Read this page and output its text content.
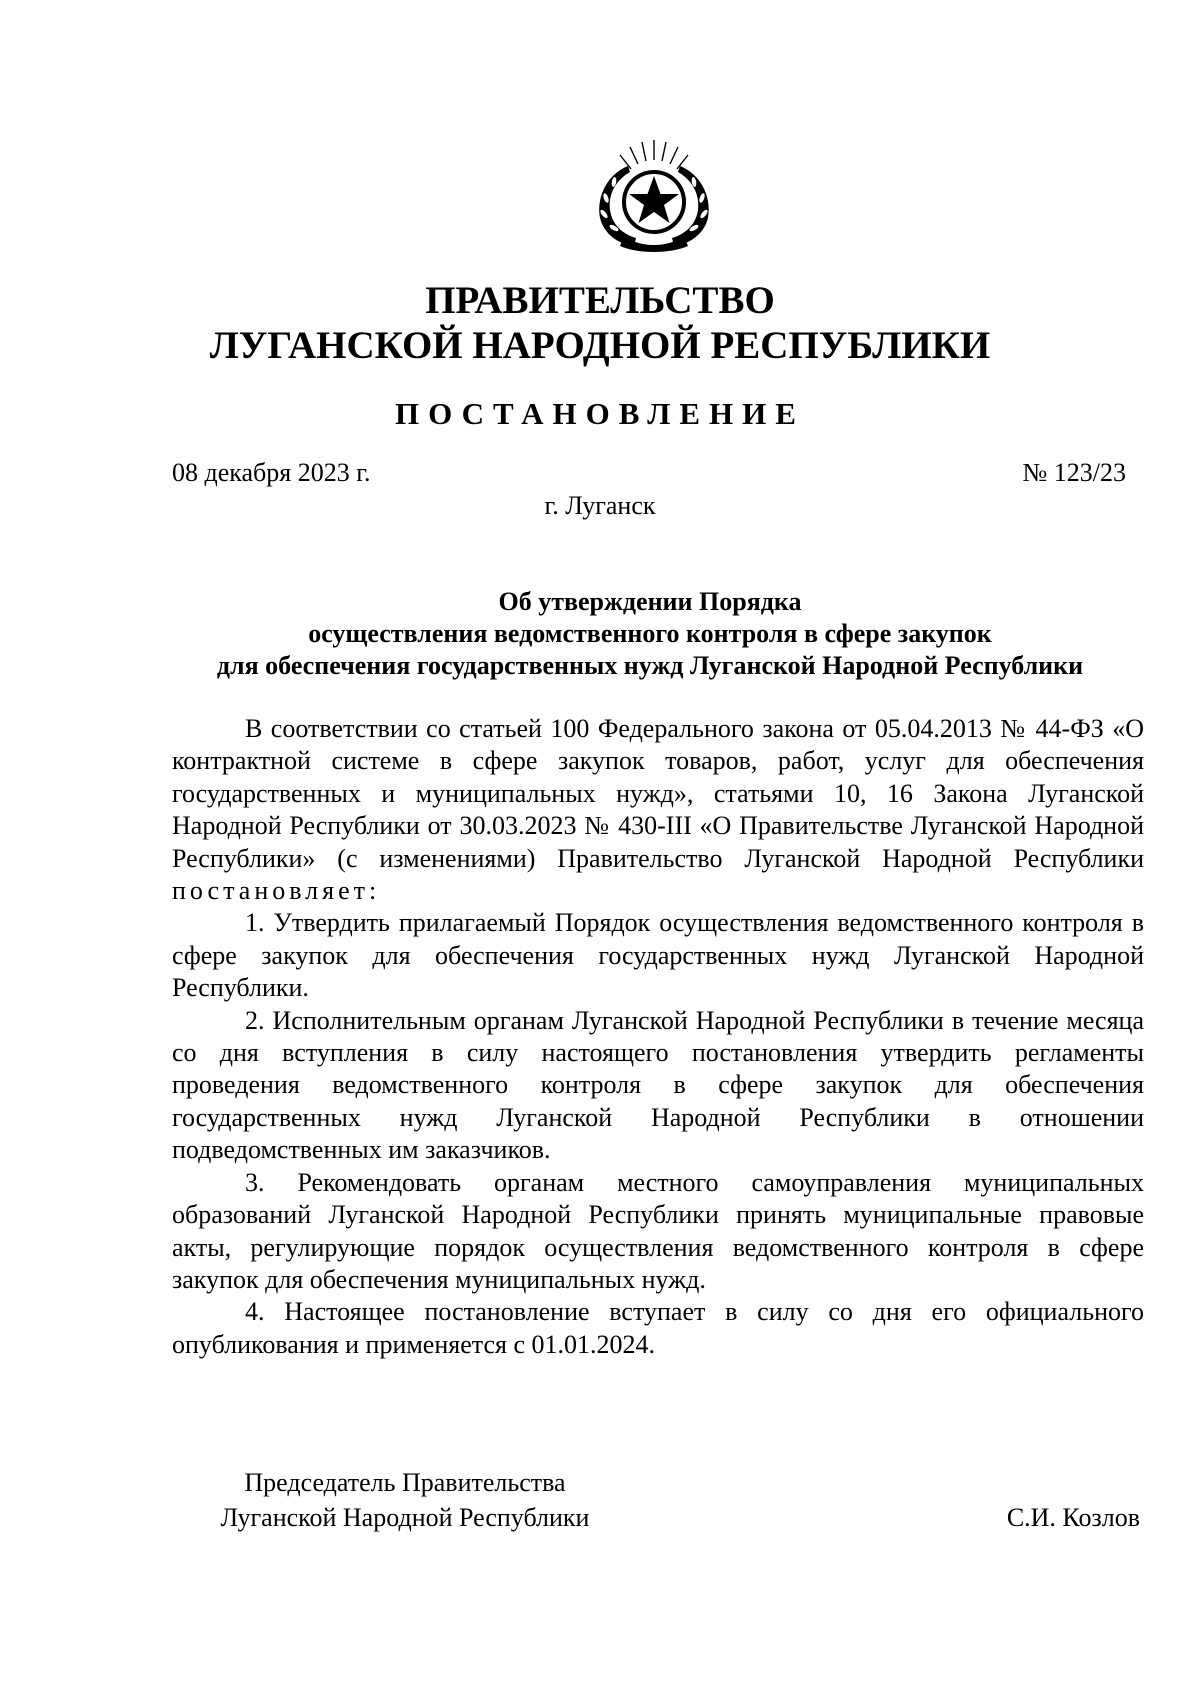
ПРАВИТЕЛЬСТВО
ЛУГАНСКОЙ НАРОДНОЙ РЕСПУБЛИКИ
ПОСТАНОВЛЕНИЕ
08 декабря 2023 г.	№ 123/23
г. Луганск
Об утверждении Порядка
осуществления ведомственного контроля в сфере закупок
для обеспечения государственных нужд Луганской Народной Республики

В соответствии со статьей 100 Федерального закона от 05.04.2013 № 44-ФЗ «О контрактной системе в сфере закупок товаров, работ, услуг для обеспечения государственных и муниципальных нужд», статьями 10, 16 Закона Луганской Народной Республики от 30.03.2023 № 430-III «О Правительстве Луганской Народной Республики» (с изменениями) Правительство Луганской Народной Республики постановляет:

1. Утвердить прилагаемый Порядок осуществления ведомственного контроля в сфере закупок для обеспечения государственных нужд Луганской Народной Республики.

2. Исполнительным органам Луганской Народной Республики в течение месяца со дня вступления в силу настоящего постановления утвердить регламенты проведения ведомственного контроля в сфере закупок для обеспечения государственных нужд Луганской Народной Республики в отношении подведомственных им заказчиков.

3. Рекомендовать органам местного самоуправления муниципальных образований Луганской Народной Республики принять муниципальные правовые акты, регулирующие порядок осуществления ведомственного контроля в сфере закупок для обеспечения муниципальных нужд.

4. Настоящее постановление вступает в силу со дня его официального опубликования и применяется с 01.01.2024.

Председатель Правительства
Луганской Народной Республики	С.И. Козлов
